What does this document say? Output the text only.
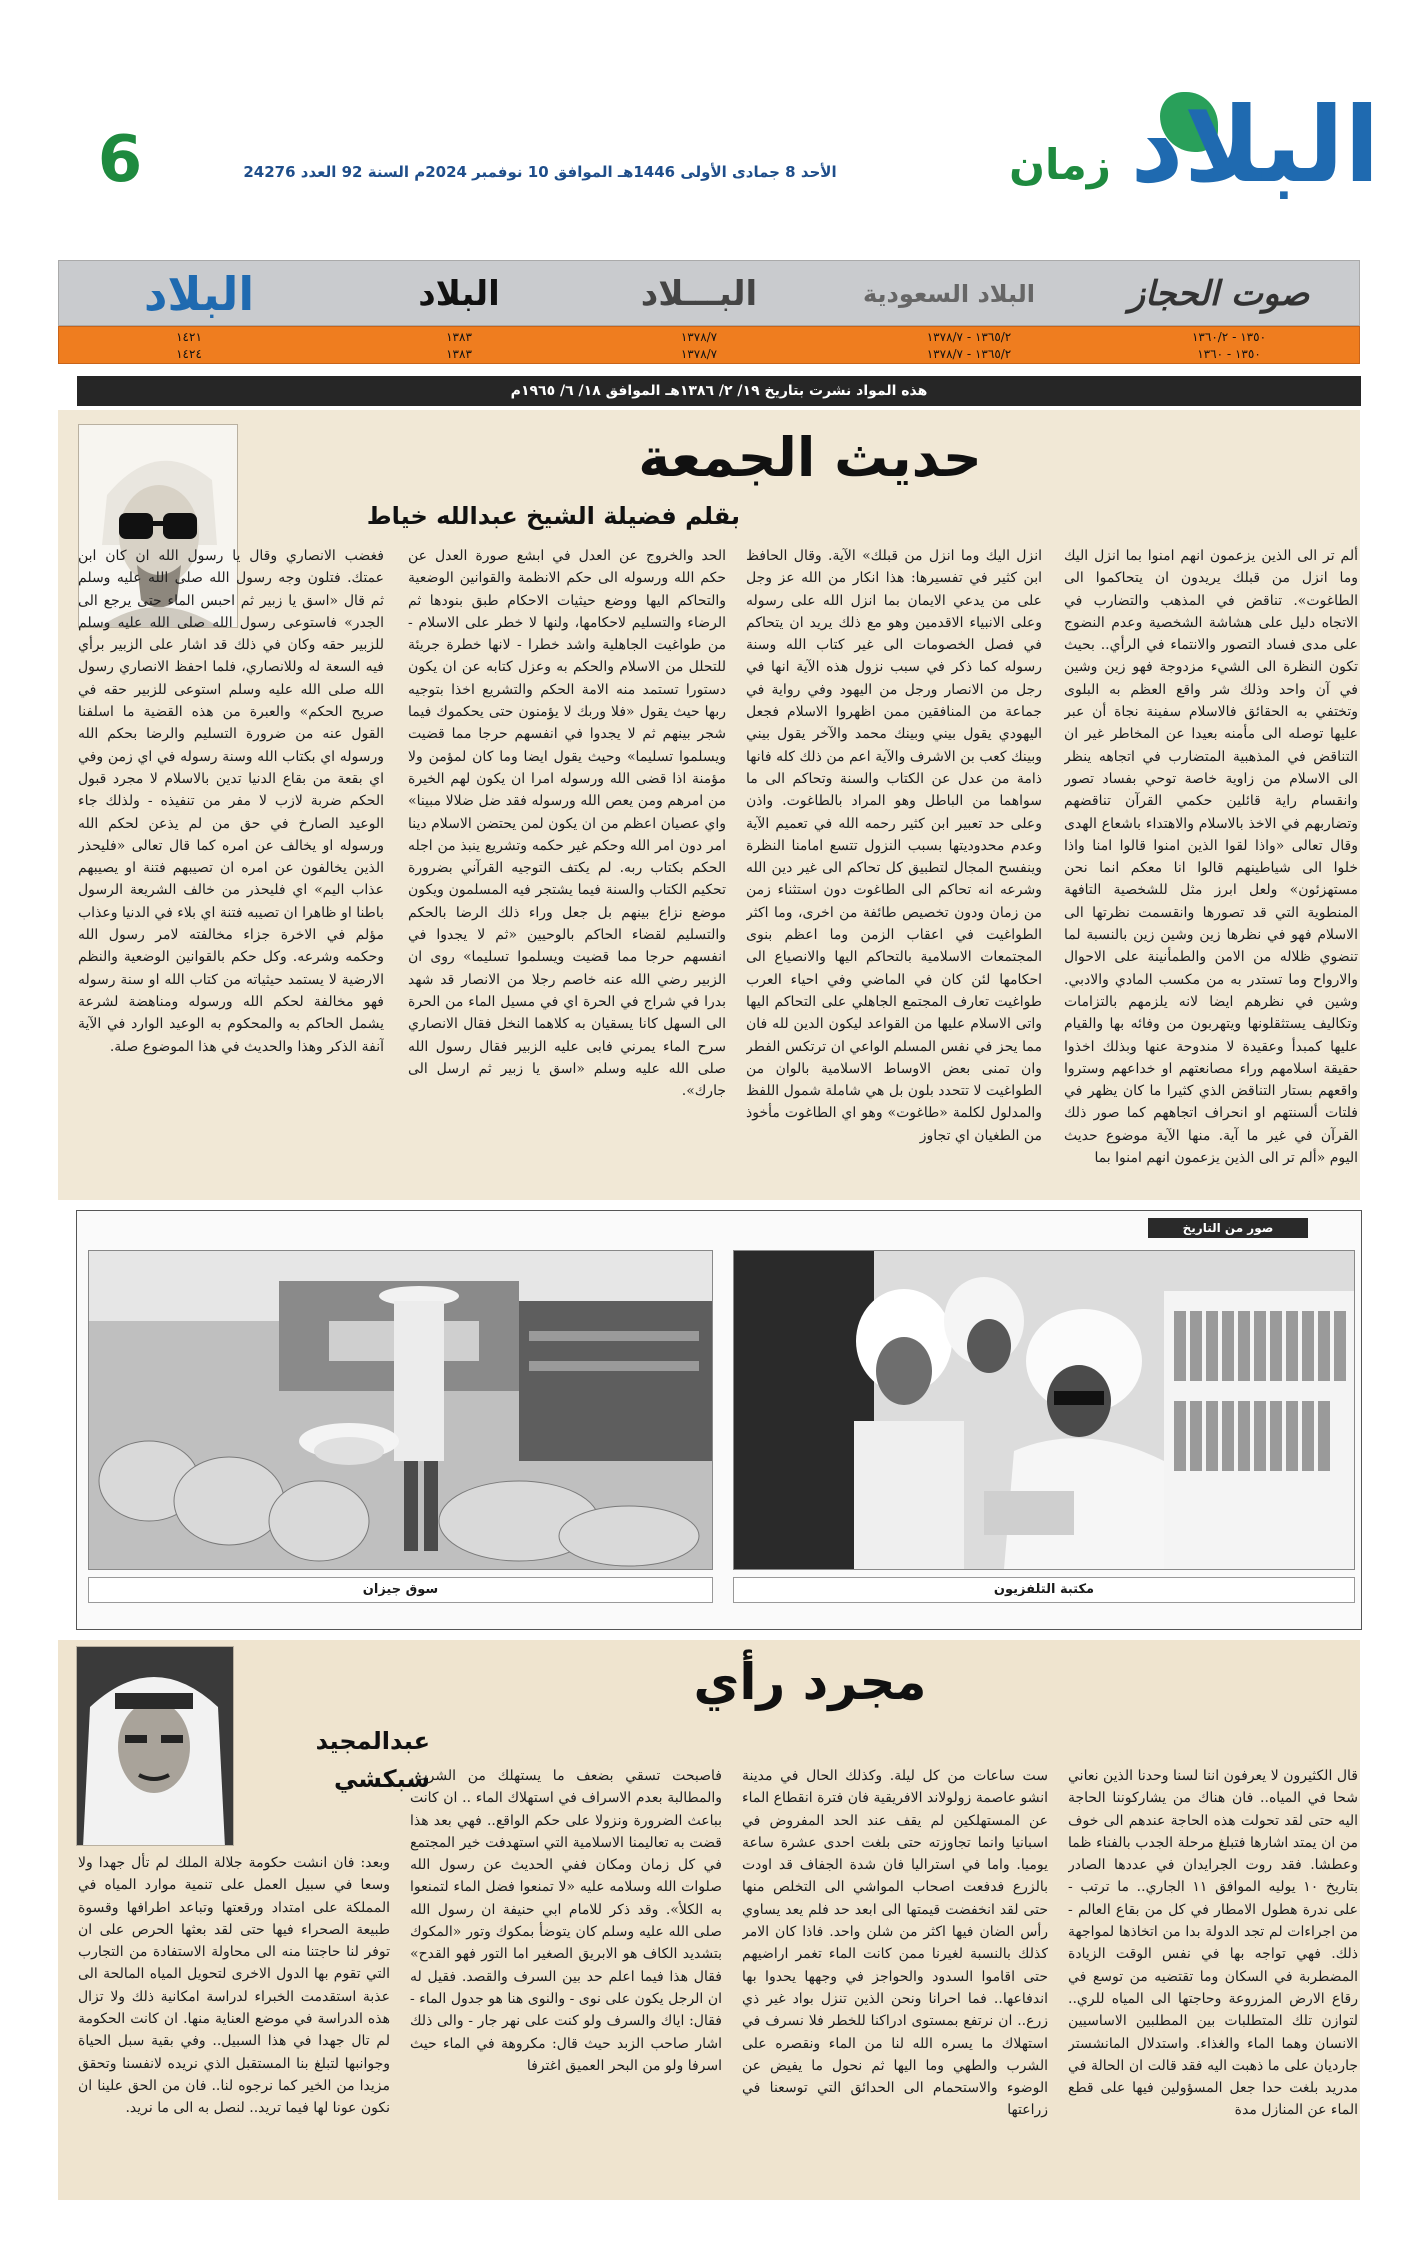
البلاد
زمان
الأحد 8 جمادى الأولى 1446هـ الموافق 10 نوفمبر 2024م السنة 92 العدد 24276
6
صوت الحجاز
البلاد السعودية
البـــلاد
البلاد
البلاد
١٣٥٠ - ١٣٦٠/٢
١٣٦٥/٢ - ١٣٧٨/٧
١٣٧٨/٧
١٣٨٣
١٤٢١
١٣٥٠ - ١٣٦٠
١٣٦٥/٢ - ١٣٧٨/٧
١٣٧٨/٧
١٣٨٣
١٤٢٤
هذه المواد نشرت بتاريخ ١٩/ ٢/ ١٣٨٦هـ الموافق ١٨/ ٦/ ١٩٦٥م
حديث الجمعة
بقلم فضيلة الشيخ عبدالله خياط
ألم تر الى الذين يزعمون انهم امنوا بما انزل اليك وما انزل من قبلك يريدون ان يتحاكموا الى الطاغوت». تناقض في المذهب والتضارب في الاتجاه دليل على هشاشة الشخصية وعدم النضوج على مدى فساد التصور والانتماء في الرأي.. بحيث تكون النظرة الى الشيء مزدوجة فهو زين وشين في آن واحد وذلك شر واقع العظم به البلوى وتختفي به الحقائق فالاسلام سفينة نجاة أن عبر عليها توصله الى مأمنه بعيدا عن المخاطر غير ان التناقض في المذهبية المتضارب في اتجاهه ينظر الى الاسلام من زاوية خاصة توحي بفساد تصور وانقسام راية قائلين حكمي القرآن تناقضهم وتضاربهم في الاخذ بالاسلام والاهتداء باشعاع الهدى وقال تعالى «واذا لقوا الذين امنوا قالوا امنا واذا خلوا الى شياطينهم قالوا انا معكم انما نحن مستهزئون» ولعل ابرز مثل للشخصية التافهة المنطوية التي قد تصورها وانقسمت نظرتها الى الاسلام فهو في نظرها زين وشين زين بالنسبة لما تنضوي ظلاله من الامن والطمأنينة على الاحوال والارواح وما تستدر به من مكسب المادي والادبي. وشين في نظرهم ايضا لانه يلزمهم بالتزامات وتكاليف يستثقلونها ويتهربون من وفائه بها والقيام عليها كمبدأ وعقيدة لا مندوحة عنها وبذلك اخذوا حقيقة اسلامهم وراء مصانعتهم او خداعهم وستروا واقعهم بستار التناقض الذي كثيرا ما كان يظهر في فلتات ألسنتهم او انحراف اتجاههم كما صور ذلك القرآن في غير ما آية. منها الآية موضوع حديث اليوم «ألم تر الى الذين يزعمون انهم امنوا بما
انزل اليك وما انزل من قبلك» الآية. وقال الحافظ ابن كثير في تفسيرها: هذا انكار من الله عز وجل على من يدعي الايمان بما انزل الله على رسوله وعلى الانبياء الاقدمين وهو مع ذلك يريد ان يتحاكم في فصل الخصومات الى غير كتاب الله وسنة رسوله كما ذكر في سبب نزول هذه الآية انها في رجل من الانصار ورجل من اليهود وفي رواية في جماعة من المنافقين ممن اظهروا الاسلام فجعل اليهودي يقول بيني وبينك محمد والآخر يقول بيني وبينك كعب بن الاشرف والآية اعم من ذلك كله فانها ذامة من عدل عن الكتاب والسنة وتحاكم الى ما سواهما من الباطل وهو المراد بالطاغوت. واذن وعلى حد تعبير ابن كثير رحمه الله في تعميم الآية وعدم محدوديتها بسبب النزول تتسع امامنا النظرة وينفسح المجال لتطبيق كل تحاكم الى غير دين الله وشرعه انه تحاكم الى الطاغوت دون استثناء زمن من زمان ودون تخصيص طائفة من اخرى، وما اكثر الطواغيت في اعقاب الزمن وما اعظم بنوى المجتمعات الاسلامية بالتحاكم اليها والانصياع الى احكامها لئن كان في الماضي وفي احياء العرب طواغيت تعارف المجتمع الجاهلي على التحاكم اليها واتى الاسلام عليها من القواعد ليكون الدين لله فان مما يحز في نفس المسلم الواعي ان ترتكس الفطر وان تمنى بعض الاوساط الاسلامية بالوان من الطواغيت لا تتحدد بلون بل هي شاملة شمول اللفظ والمدلول لكلمة «طاغوت» وهو اي الطاغوت مأخوذ من الطغيان اي تجاوز
الحد والخروج عن العدل في ابشع صورة العدل عن حكم الله ورسوله الى حكم الانظمة والقوانين الوضعية والتحاكم اليها ووضع حيثيات الاحكام طبق بنودها ثم الرضاء والتسليم لاحكامها، ولنها لا خطر على الاسلام - من طواغيت الجاهلية واشد خطرا - لانها خطرة جريئة للتحلل من الاسلام والحكم به وعزل كتابه عن ان يكون دستورا تستمد منه الامة الحكم والتشريع اخذا بتوجيه ربها حيث يقول «فلا وربك لا يؤمنون حتى يحكموك فيما شجر بينهم ثم لا يجدوا في انفسهم حرجا مما قضيت ويسلموا تسليما» وحيث يقول ايضا وما كان لمؤمن ولا مؤمنة اذا قضى الله ورسوله امرا ان يكون لهم الخيرة من امرهم ومن يعص الله ورسوله فقد ضل ضلالا مبينا» واي عصيان اعظم من ان يكون لمن يحتضن الاسلام دينا امر دون امر الله وحكم غير حكمه وتشريع ينبذ من اجله الحكم بكتاب ربه. لم يكتف التوجيه القرآني بضرورة تحكيم الكتاب والسنة فيما يشتجر فيه المسلمون ويكون موضع نزاع بينهم بل جعل وراء ذلك الرضا بالحكم والتسليم لقضاء الحاكم بالوحيين «ثم لا يجدوا في انفسهم حرجا مما قضيت ويسلموا تسليما» روى ان الزبير رضي الله عنه خاصم رجلا من الانصار قد شهد بدرا في شراج في الحرة اي في مسيل الماء من الحرة الى السهل كانا يسقيان به كلاهما النخل فقال الانصاري سرح الماء يمرني فابى عليه الزبير فقال رسول الله صلى الله عليه وسلم «اسق يا زبير ثم ارسل الى جارك».
فغضب الانصاري وقال يا رسول الله ان كان ابن عمتك. فتلون وجه رسول الله صلى الله عليه وسلم ثم قال «اسق يا زبير ثم احبس الماء حتى يرجع الى الجدر» فاستوعى رسول الله صلى الله عليه وسلم للزبير حقه وكان في ذلك قد اشار على الزبير برأي فيه السعة له وللانصاري، فلما احفظ الانصاري رسول الله صلى الله عليه وسلم استوعى للزبير حقه في صريح الحكم» والعبرة من هذه القضية ما اسلفنا القول عنه من ضرورة التسليم والرضا بحكم الله ورسوله اي بكتاب الله وسنة رسوله في اي زمن وفي اي بقعة من بقاع الدنيا تدين بالاسلام لا مجرد قبول الحكم ضربة لازب لا مفر من تنفيذه - ولذلك جاء الوعيد الصارخ في حق من لم يذعن لحكم الله ورسوله او يخالف عن امره كما قال تعالى «فليحذر الذين يخالفون عن امره ان تصيبهم فتنة او يصيبهم عذاب اليم» اي فليحذر من خالف الشريعة الرسول باطنا او ظاهرا ان تصيبه فتنة اي بلاء في الدنيا وعذاب مؤلم في الاخرة جزاء مخالفته لامر رسول الله وحكمه وشرعه. وكل حكم بالقوانين الوضعية والنظم الارضية لا يستمد حيثياته من كتاب الله او سنة رسوله فهو مخالفة لحكم الله ورسوله ومناهضة لشرعة يشمل الحاكم به والمحكوم به الوعيد الوارد في الآية آنفة الذكر وهذا والحديث في هذا الموضوع صلة.
صور من التاريخ
مكتبة التلفزيون
سوق جيزان
مجرد رأي
عبدالمجيد شبكشي	قال الكثيرون لا يعرفون اننا لسنا وحدنا الذين نعاني شحا في المياه.. فان هناك من يشاركوننا الحاجة اليه حتى لقد تحولت هذه الحاجة عندهم الى خوف من ان يمتد اشارها فتبلغ مرحلة الجدب بالفناء ظما وعطشا. فقد روت الجرايدان في عددها الصادر بتاريخ ١٠ يوليه الموافق ١١ الجاري.. ما ترتب - على ندرة هطول الامطار في كل من بقاع العالم - من اجراءات لم تجد الدولة بدا من اتخاذها لمواجهة ذلك. فهي تواجه بها في نفس الوقت الزيادة المضطربة في السكان وما تقتضيه من توسع في رقاع الارض المزروعة وحاجتها الى المياه للري.. لتوازن تلك المتطلبات بين المطلبين الاساسيين الانسان وهما الماء والغذاء. واستدلال المانشستر جارديان على ما ذهبت اليه فقد قالت ان الحالة في مدريد بلغت حدا جعل المسؤولين فيها على قطع الماء عن المنازل مدة
ست ساعات من كل ليلة. وكذلك الحال في مدينة انشو عاصمة زولولاند الافريقية فان فترة انقطاع الماء عن المستهلكين لم يقف عند الحد المفروض في اسبانيا وانما تجاوزته حتى بلغت احدى عشرة ساعة يوميا. واما في استراليا فان شدة الجفاف قد اودت بالزرع فدفعت اصحاب المواشي الى التخلص منها حتى لقد انخفضت قيمتها الى ابعد حد فلم يعد يساوي رأس الضان فيها اكثر من شلن واحد. فاذا كان الامر كذلك بالنسبة لغيرنا ممن كانت الماء تغمر اراضيهم حتى اقاموا السدود والحواجز في وجهها يحدوا بها اندفاعها.. فما احرانا ونحن الذين تنزل بواد غير ذي زرع.. ان نرتفع بمستوى ادراكنا للخطر فلا نسرف في استهلاك ما يسره الله لنا من الماء ونقصره على الشرب والطهي وما اليها ثم نحول ما يفيض عن الوضوء والاستحمام الى الحدائق التي توسعنا في زراعتها
فاصبحت تسقي بضعف ما يستهلك من الشرب. والمطالبة بعدم الاسراف في استهلاك الماء .. ان كانت بباعث الضرورة ونزولا على حكم الواقع.. فهي بعد هذا قضت به تعاليمنا الاسلامية التي استهدفت خير المجتمع في كل زمان ومكان ففي الحديث عن رسول الله صلوات الله وسلامه عليه «لا تمنعوا فضل الماء لتمنعوا به الكلأ». وقد ذكر للامام ابي حنيفة ان رسول الله صلى الله عليه وسلم كان يتوضأ بمكوك وتور «المكوك بتشديد الكاف هو الابريق الصغير اما التور فهو القدح» فقال هذا فيما اعلم حد بين السرف والقصد. فقيل له ان الرجل يكون على نوى - والنوى هنا هو جدول الماء - فقال: اياك والسرف ولو كنت على نهر جار - والى ذلك اشار صاحب الزبد حيث قال: مكروهة في الماء حيث اسرفا ولو من البحر العميق اغترفا
وبعد: فان انشت حكومة جلالة الملك لم تأل جهدا ولا وسعا في سبيل العمل على تنمية موارد المياه في المملكة على امتداد ورقعتها وتباعد اطرافها وقسوة طبيعة الصحراء فيها حتى لقد بعثها الحرص على ان توفر لنا حاجتنا منه الى محاولة الاستفادة من التجارب التي تقوم بها الدول الاخرى لتحويل المياه المالحة الى عذبة استقدمت الخبراء لدراسة امكانية ذلك ولا تزال هذه الدراسة في موضع العناية منها. ان كانت الحكومة لم تال جهدا في هذا السبيل.. وفي بقية سبل الحياة وجوانبها لتبلغ بنا المستقبل الذي نريده لانفسنا وتحقق مزيدا من الخير كما نرجوه لنا.. فان من الحق علينا ان نكون عونا لها فيما تريد.. لنصل به الى ما نريد.
